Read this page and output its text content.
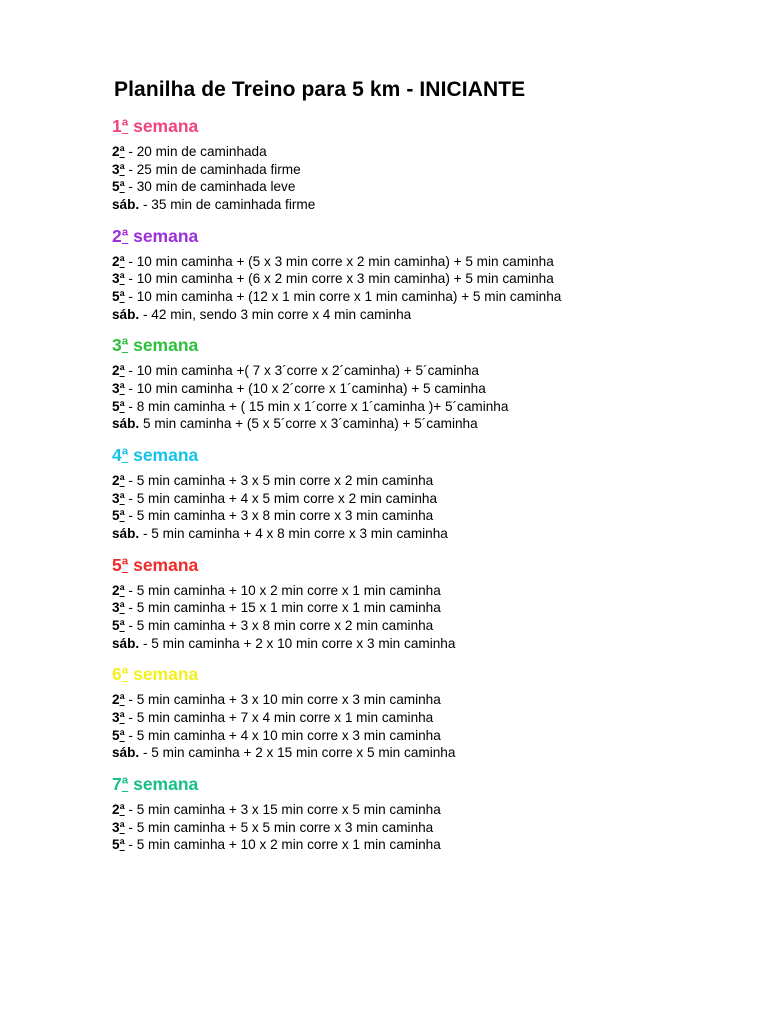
Planilha de Treino para 5 km - INICIANTE
1ª semana
2ª - 20 min de caminhada
3ª - 25 min de caminhada firme
5ª - 30 min de caminhada leve
sáb. - 35 min de caminhada firme
2ª semana
2ª - 10 min caminha + (5 x 3 min corre x 2 min caminha) + 5 min caminha
3ª - 10 min caminha + (6 x 2 min corre x 3 min caminha) + 5 min caminha
5ª - 10 min caminha + (12 x 1 min corre x 1 min caminha) + 5 min caminha
sáb. - 42 min, sendo 3 min corre x 4 min caminha
3ª semana
2ª - 10 min caminha +( 7 x 3´corre x 2´caminha) + 5´caminha
3ª - 10 min caminha + (10 x 2´corre x 1´caminha) + 5 caminha
5ª - 8 min caminha + ( 15 min x 1´corre x 1´caminha )+ 5´caminha
sáb. 5 min caminha + (5 x 5´corre x 3´caminha) + 5´caminha
4ª semana
2ª - 5 min caminha + 3 x 5 min corre x 2 min caminha
3ª - 5 min caminha + 4 x 5 mim corre x 2 min caminha
5ª - 5 min caminha + 3 x 8 min corre x 3 min caminha
sáb. - 5 min caminha + 4 x 8 min corre x 3 min caminha
5ª semana
2ª - 5 min caminha + 10 x 2 min corre x 1 min caminha
3ª - 5 min caminha + 15 x 1 min corre x 1 min caminha
5ª - 5 min caminha + 3 x 8 min corre x 2 min caminha
sáb. - 5 min caminha + 2 x 10 min corre x 3 min caminha
6ª semana
2ª - 5 min caminha + 3 x 10 min corre x 3 min caminha
3ª - 5 min caminha + 7 x 4 min corre x 1 min caminha
5ª - 5 min caminha + 4 x 10 min corre x 3 min caminha
sáb. - 5 min caminha + 2 x 15 min corre x 5 min caminha
7ª semana
2ª - 5 min caminha + 3 x 15 min corre x 5 min caminha
3ª - 5 min caminha + 5 x 5 min corre x 3 min caminha
5ª - 5 min caminha + 10 x 2 min corre x 1 min caminha
